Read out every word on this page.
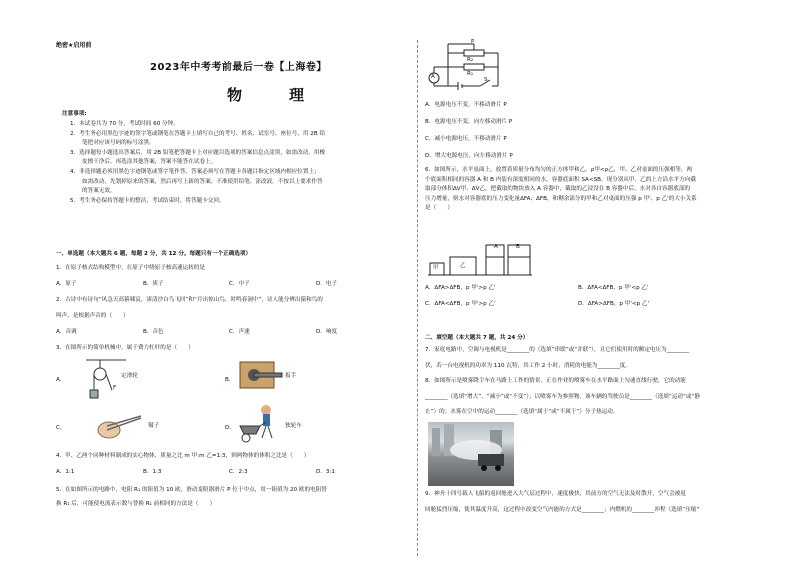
绝密★启用前
2023年中考考前最后一卷【上海卷】
物　理
注意事项:
1．本试卷共为 70 分，考试时间 60 分钟。
2．考生务必用黑色字迹的签字笔或钢笔在答题卡上填写自己的考号、姓名、试室号、座位号，用 2B 铅
笔把对应该号码的标号涂黑。
3．选择题每小题选出答案后，用 2B 铅笔把答题卡上对应题目选项的答案信息点涂黑，如需改动，用橡
皮擦干净后，再选涂其他答案，答案不能答在试卷上。
4．非选择题必须用黑色字迹钢笔或签字笔作答，答案必须写在答题卡各题目指定区域内相应位置上；
如需改动，先划掉原来的答案，然后再写上新的答案；不准使用铅笔、涂改液。不按以上要求作答
的答案无效。
5．考生务必保持答题卡的整洁，考试结束时，将答题卡交回。
一、单选题（本大题共 6 题，每题 2 分，共 12 分。每题只有一个正确选项）
1．在原子核式结构模型中，在原子中绕原子核高速运转的是
A．原子	B．质子	C．中子	D．电子
2．古诗中有诗句“风急天高猿啸哀，渚清沙白鸟飞回”和“月出惊山鸟，时鸣春涧中”，诗人能分辨出猿和鸟的
叫声，是根据声音的（　　）
A．音调	B．音色	C．声速	D．响度
3．在图所示的简单机械中，属于费力杠杆的是（　　）
A．
F
定滑轮
B．
扳手
C．	镊子	D．	独轮车
4．甲、乙两个同种材料制成的实心物体，质量之比 m 甲:m 乙=1:3，则两物体的体积之比是（　　）
A．1:1	B．1:3	C．2:3	D．3:1
5．在如图所示的电路中，电阻 R₁ 的阻值为 10 欧，滑动变阻器滑片 P 位于中点，用一阻值为 20 欧的电阻替
换 R₁ 后，可能使电流表示数与替换 R₁ 前相同的方法是（　　）
P
R₂
R₁
S
A
A．电源电压不变，不移动滑片 P
B．电源电压不变，向左移动滑片 P
C．减小电源电压，不移动滑片 P
D．增大电源电压，向左移动滑片 P
6．如图所示，水平桌面上，放置着质量分布均匀的正方体甲和乙，ρ甲<ρ乙，甲、乙对桌面的压强相等，两
个底面积相同的容器 A 和 B 内装有深度相同的水，容器底面积 SA<SB。现分别从甲、乙的上方沿水平方向截
取部分体积ΔV甲、ΔV乙，把截取的物块放入 A 容器中，截取的乙浸没在 B 容器中后，水对各自容器底部的
压力增量，则水对容器底的压力变化量ΔFA、ΔFB，和剩余部分的甲和乙对桌面的压强 p 甲'、p 乙'的大小关系
是（　　）
甲	乙
A	B
A．ΔFA>ΔFB，p 甲'>p 乙'	B．ΔFA<ΔFB，p 甲'<p 乙'
C．ΔFA<ΔFB，p 甲'>p 乙'	D．ΔFA>ΔFB，p 甲'<p 乙'
二、填空题（本大题共 7 题，共 24 分）
7．家庭电路中，空调与电视机是________的（选填“串联”或“并联”），且它们使用时的额定电压为________
伏，若一台电视机的功率为 110 瓦特，其工作 2 小时，消耗的电能为________度。
8．如图所示是喷雾降尘车在马路上工作的情景，正在作业的喷雾车在水平路面上匀速直线行驶，它的动能
________（选填“增大”、“减小”或“不变”）；以喷雾车为参照物，该车辆的驾驶员是________（选填“运动”或“静
止”）的；水雾在空中的运动________（选填“属于”或“不属于”）分子热运动。
9．神舟十四号载人飞船的返回舱进入大气层过程中，速度极快，其前方的空气无法及时散开，空气会被返
回舱猛烈压缩，使其温度升高，这过程中改变空气内能的方式是________；内燃机的________冲程（选填“压缩”
